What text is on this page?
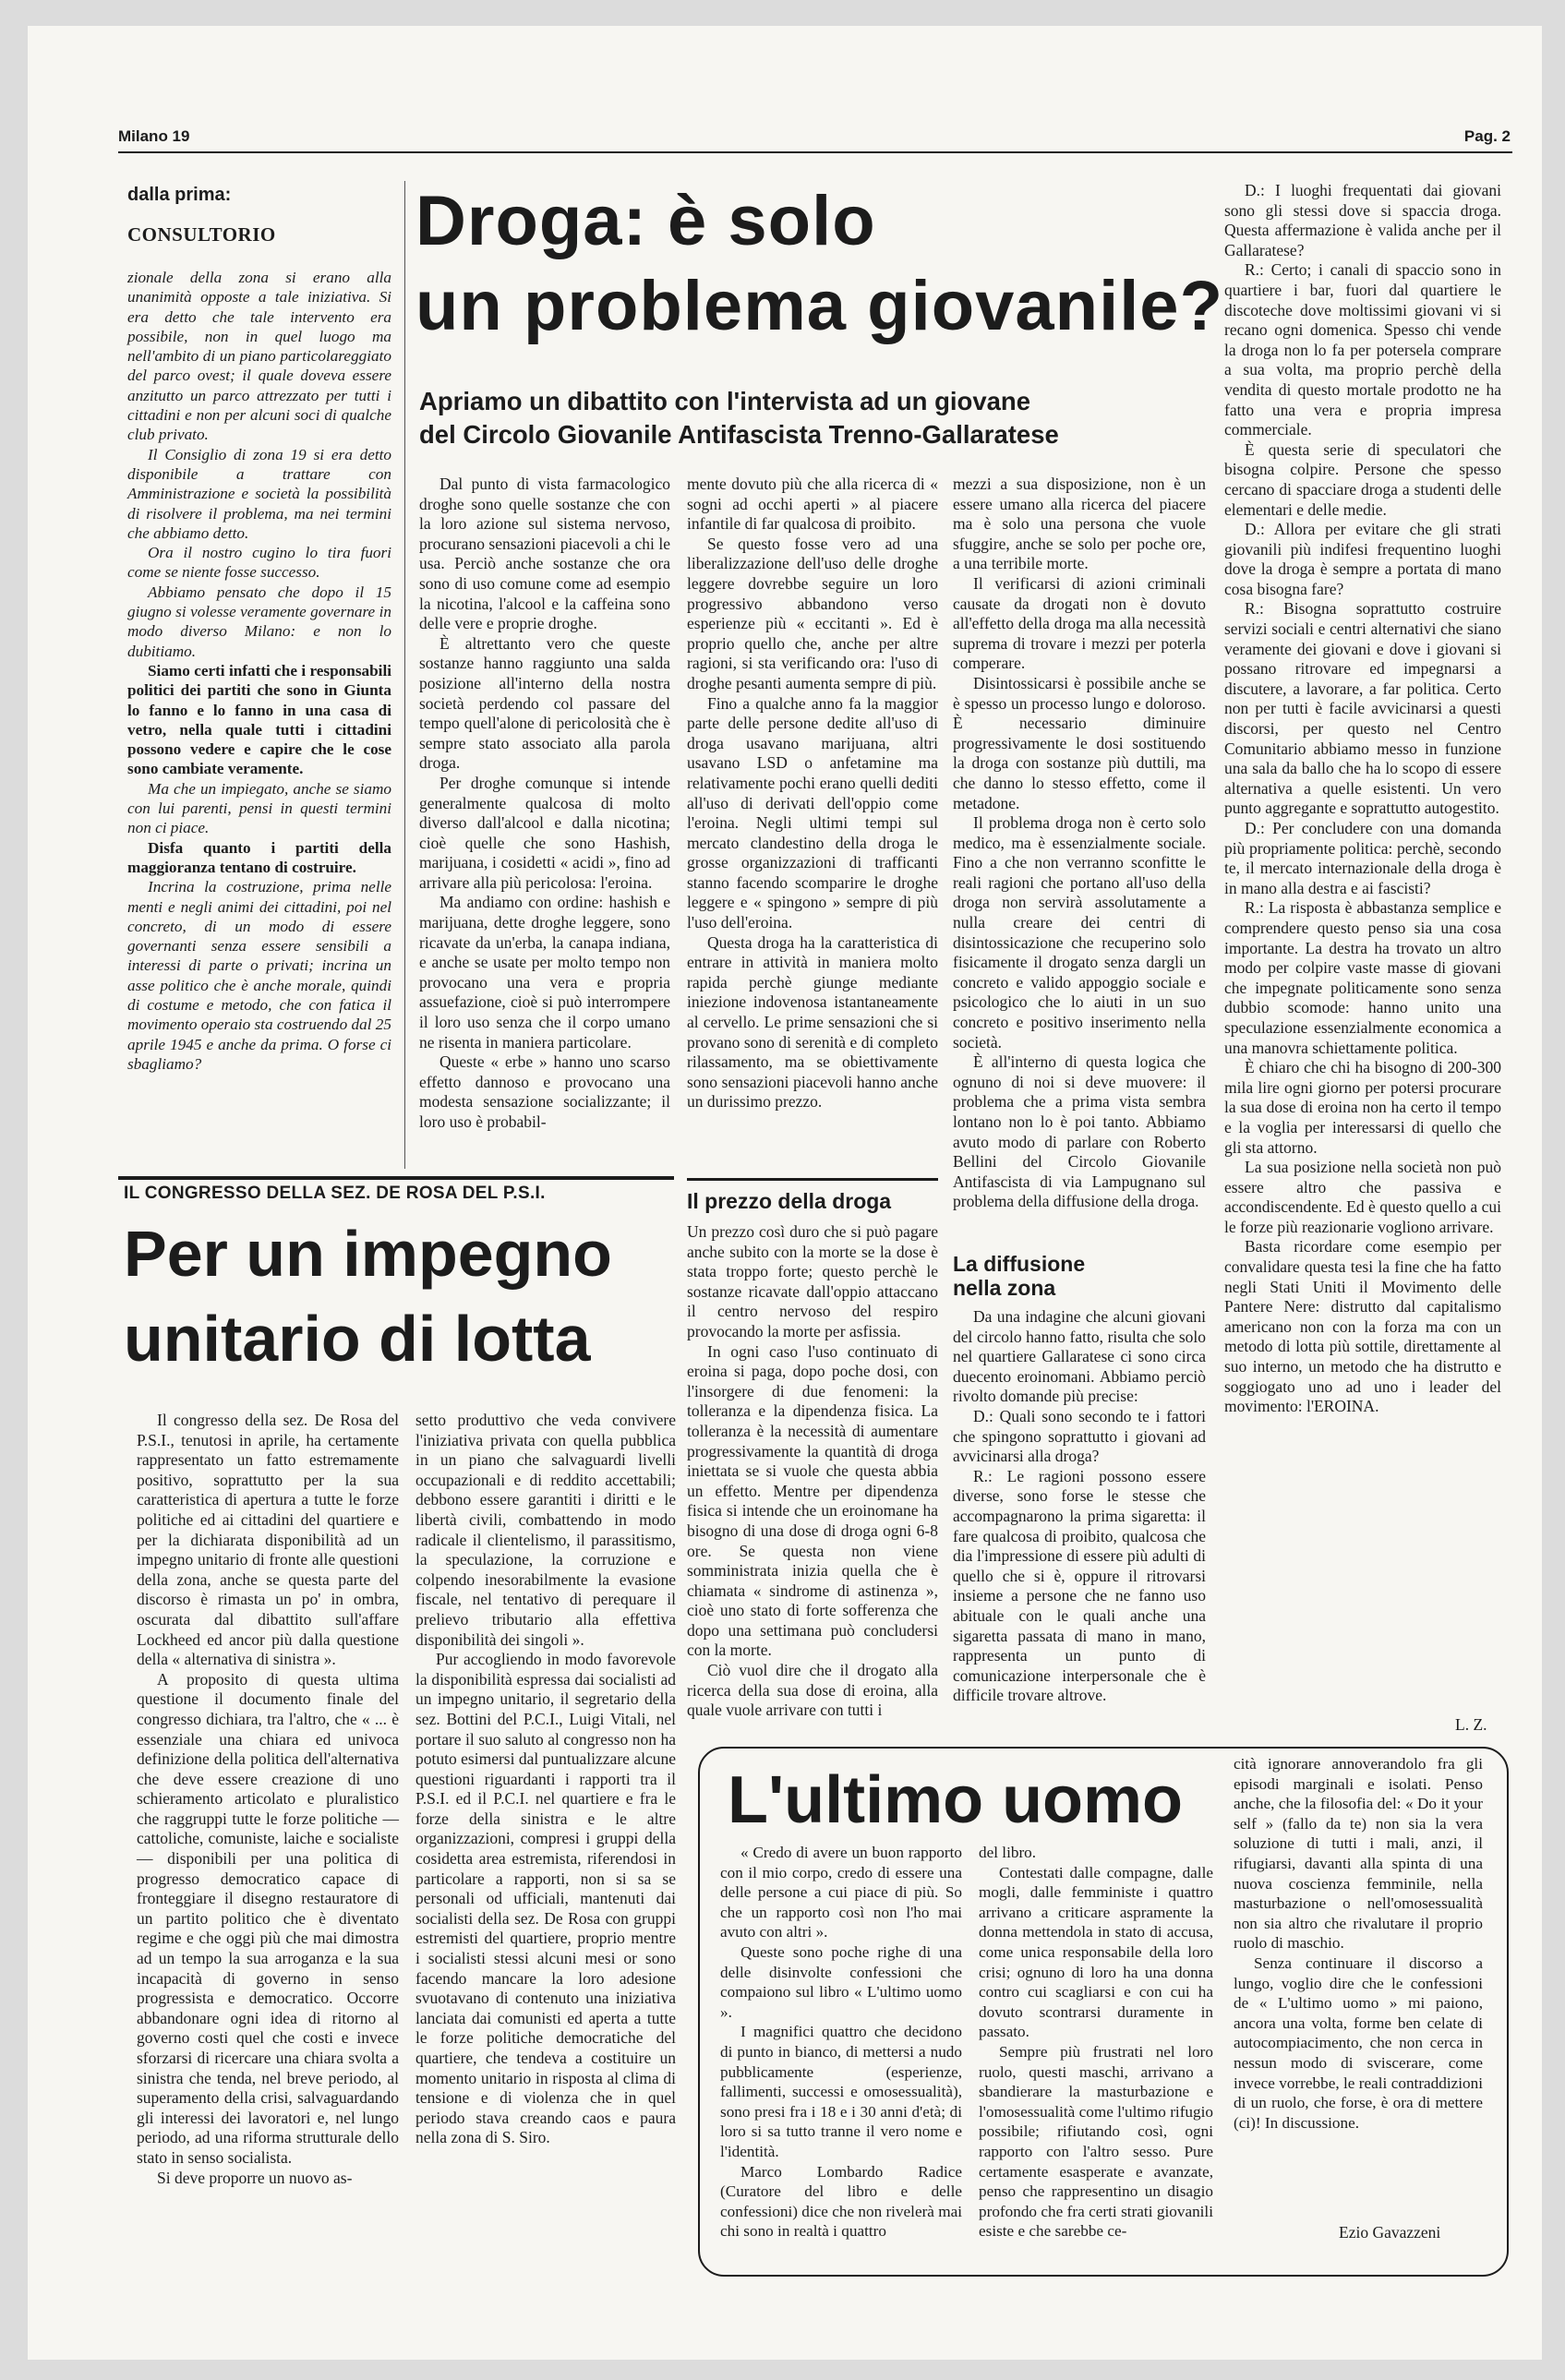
Milano 19	Pag. 2
dalla prima:
CONSULTORIO

zionale della zona si erano alla unanimità opposte a tale iniziativa. Si era detto che tale intervento era possibile, non in quel luogo ma nell'ambito di un piano particolareggiato del parco ovest; il quale doveva essere anzitutto un parco attrezzato per tutti i cittadini e non per alcuni soci di qualche club privato.

Il Consiglio di zona 19 si era detto disponibile a trattare con Amministrazione e società la possibilità di risolvere il problema, ma nei termini che abbiamo detto.

Ora il nostro cugino lo tira fuori come se niente fosse successo.

Abbiamo pensato che dopo il 15 giugno si volesse veramente governare in modo diverso Milano: e non lo dubitiamo.

Siamo certi infatti che i responsabili politici dei partiti che sono in Giunta lo fanno e lo fanno in una casa di vetro, nella quale tutti i cittadini possono vedere e capire che le cose sono cambiate veramente.

Ma che un impiegato, anche se siamo con lui parenti, pensi in questi termini non ci piace.

Disfa quanto i partiti della maggioranza tentano di costruire.

Incrina la costruzione, prima nelle menti e negli animi dei cittadini, poi nel concreto, di un modo di essere governanti senza essere sensibili a interessi di parte o privati; incrina un asse politico che è anche morale, quindi di costume e metodo, che con fatica il movimento operaio sta costruendo dal 25 aprile 1945 e anche da prima. O forse ci sbagliamo?

Droga: è solo
un problema giovanile?
Apriamo un dibattito con l'intervista ad un giovane
del Circolo Giovanile Antifascista Trenno-Gallaratese

Dal punto di vista farmacologico droghe sono quelle sostanze che con la loro azione sul sistema nervoso, procurano sensazioni piacevoli a chi le usa. Perciò anche sostanze che ora sono di uso comune come ad esempio la nicotina, l'alcool e la caffeina sono delle vere e proprie droghe.

È altrettanto vero che queste sostanze hanno raggiunto una salda posizione all'interno della nostra società perdendo col passare del tempo quell'alone di pericolosità che è sempre stato associato alla parola droga.

Per droghe comunque si intende generalmente qualcosa di molto diverso dall'alcool e dalla nicotina; cioè quelle che sono Hashish, marijuana, i cosidetti « acidi », fino ad arrivare alla più pericolosa: l'eroina.

Ma andiamo con ordine: hashish e marijuana, dette droghe leggere, sono ricavate da un'erba, la canapa indiana, e anche se usate per molto tempo non provocano una vera e propria assuefazione, cioè si può interrompere il loro uso senza che il corpo umano ne risenta in maniera particolare.

Queste « erbe » hanno uno scarso effetto dannoso e provocano una modesta sensazione socializzante; il loro uso è probabil-

mente dovuto più che alla ricerca di « sogni ad occhi aperti » al piacere infantile di far qualcosa di proibito.

Se questo fosse vero ad una liberalizzazione dell'uso delle droghe leggere dovrebbe seguire un loro progressivo abbandono verso esperienze più « eccitanti ». Ed è proprio quello che, anche per altre ragioni, si sta verificando ora: l'uso di droghe pesanti aumenta sempre di più.

Fino a qualche anno fa la maggior parte delle persone dedite all'uso di droga usavano marijuana, altri usavano LSD o anfetamine ma relativamente pochi erano quelli dediti all'uso di derivati dell'oppio come l'eroina. Negli ultimi tempi sul mercato clandestino della droga le grosse organizzazioni di trafficanti stanno facendo scomparire le droghe leggere e « spingono » sempre di più l'uso dell'eroina.

Questa droga ha la caratteristica di entrare in attività in maniera molto rapida perchè giunge mediante iniezione indovenosa istantaneamente al cervello. Le prime sensazioni che si provano sono di serenità e di completo rilassamento, ma se obiettivamente sono sensazioni piacevoli hanno anche un durissimo prezzo.

Il prezzo della droga

Un prezzo così duro che si può pagare anche subito con la morte se la dose è stata troppo forte; questo perchè le sostanze ricavate dall'oppio attaccano il centro nervoso del respiro provocando la morte per asfissia.

In ogni caso l'uso continuato di eroina si paga, dopo poche dosi, con l'insorgere di due fenomeni: la tolleranza e la dipendenza fisica. La tolleranza è la necessità di aumentare progressivamente la quantità di droga iniettata se si vuole che questa abbia un effetto. Mentre per dipendenza fisica si intende che un eroinomane ha bisogno di una dose di droga ogni 6-8 ore. Se questa non viene somministrata inizia quella che è chiamata « sindrome di astinenza », cioè uno stato di forte sofferenza che dopo una settimana può concludersi con la morte.

Ciò vuol dire che il drogato alla ricerca della sua dose di eroina, alla quale vuole arrivare con tutti i

mezzi a sua disposizione, non è un essere umano alla ricerca del piacere ma è solo una persona che vuole sfuggire, anche se solo per poche ore, a una terribile morte.

Il verificarsi di azioni criminali causate da drogati non è dovuto all'effetto della droga ma alla necessità suprema di trovare i mezzi per poterla comperare.

Disintossicarsi è possibile anche se è spesso un processo lungo e doloroso. È necessario diminuire progressivamente le dosi sostituendo la droga con sostanze più duttili, ma che danno lo stesso effetto, come il metadone.

Il problema droga non è certo solo medico, ma è essenzialmente sociale. Fino a che non verranno sconfitte le reali ragioni che portano all'uso della droga non servirà assolutamente a nulla creare dei centri di disintossicazione che recuperino solo fisicamente il drogato senza dargli un concreto e valido appoggio sociale e psicologico che lo aiuti in un suo concreto e positivo inserimento nella società.

È all'interno di questa logica che ognuno di noi si deve muovere: il problema che a prima vista sembra lontano non lo è poi tanto. Abbiamo avuto modo di parlare con Roberto Bellini del Circolo Giovanile Antifascista di via Lampugnano sul problema della diffusione della droga.

La diffusione
nella zona

Da una indagine che alcuni giovani del circolo hanno fatto, risulta che solo nel quartiere Gallaratese ci sono circa duecento eroinomani. Abbiamo perciò rivolto domande più precise:

D.: Quali sono secondo te i fattori che spingono soprattutto i giovani ad avvicinarsi alla droga?

R.: Le ragioni possono essere diverse, sono forse le stesse che accompagnarono la prima sigaretta: il fare qualcosa di proibito, qualcosa che dia l'impressione di essere più adulti di quello che si è, oppure il ritrovarsi insieme a persone che ne fanno uso abituale con le quali anche una sigaretta passata di mano in mano, rappresenta un punto di comunicazione interpersonale che è difficile trovare altrove.

D.: I luoghi frequentati dai giovani sono gli stessi dove si spaccia droga. Questa affermazione è valida anche per il Gallaratese?

R.: Certo; i canali di spaccio sono in quartiere i bar, fuori dal quartiere le discoteche dove moltissimi giovani vi si recano ogni domenica. Spesso chi vende la droga non lo fa per potersela comprare a sua volta, ma proprio perchè della vendita di questo mortale prodotto ne ha fatto una vera e propria impresa commerciale.

È questa serie di speculatori che bisogna colpire. Persone che spesso cercano di spacciare droga a studenti delle elementari e delle medie.

D.: Allora per evitare che gli strati giovanili più indifesi frequentino luoghi dove la droga è sempre a portata di mano cosa bisogna fare?

R.: Bisogna soprattutto costruire servizi sociali e centri alternativi che siano veramente dei giovani e dove i giovani si possano ritrovare ed impegnarsi a discutere, a lavorare, a far politica. Certo non per tutti è facile avvicinarsi a questi discorsi, per questo nel Centro Comunitario abbiamo messo in funzione una sala da ballo che ha lo scopo di essere alternativa a quelle esistenti. Un vero punto aggregante e soprattutto autogestito.

D.: Per concludere con una domanda più propriamente politica: perchè, secondo te, il mercato internazionale della droga è in mano alla destra e ai fascisti?

R.: La risposta è abbastanza semplice e comprendere questo penso sia una cosa importante. La destra ha trovato un altro modo per colpire vaste masse di giovani che impegnate politicamente sono senza dubbio scomode: hanno unito una speculazione essenzialmente economica a una manovra schiettamente politica.

È chiaro che chi ha bisogno di 200-300 mila lire ogni giorno per potersi procurare la sua dose di eroina non ha certo il tempo e la voglia per interessarsi di quello che gli sta attorno.

La sua posizione nella società non può essere altro che passiva e accondiscendente. Ed è questo quello a cui le forze più reazionarie vogliono arrivare.

Basta ricordare come esempio per convalidare questa tesi la fine che ha fatto negli Stati Uniti il Movimento delle Pantere Nere: distrutto dal capitalismo americano non con la forza ma con un metodo di lotta più sottile, direttamente al suo interno, un metodo che ha distrutto e soggiogato uno ad uno i leader del movimento: l'EROINA.

L. Z.
IL CONGRESSO DELLA SEZ. DE ROSA DEL P.S.I.
Per un impegno
unitario di lotta

Il congresso della sez. De Rosa del P.S.I., tenutosi in aprile, ha certamente rappresentato un fatto estremamente positivo, soprattutto per la sua caratteristica di apertura a tutte le forze politiche ed ai cittadini del quartiere e per la dichiarata disponibilità ad un impegno unitario di fronte alle questioni della zona, anche se questa parte del discorso è rimasta un po' in ombra, oscurata dal dibattito sull'affare Lockheed ed ancor più dalla questione della « alternativa di sinistra ».

A proposito di questa ultima questione il documento finale del congresso dichiara, tra l'altro, che « ... è essenziale una chiara ed univoca definizione della politica dell'alternativa che deve essere creazione di uno schieramento articolato e pluralistico che raggruppi tutte le forze politiche — cattoliche, comuniste, laiche e socialiste — disponibili per una politica di progresso democratico capace di fronteggiare il disegno restauratore di un partito politico che è diventato regime e che oggi più che mai dimostra ad un tempo la sua arroganza e la sua incapacità di governo in senso progressista e democratico. Occorre abbandonare ogni idea di ritorno al governo costi quel che costi e invece sforzarsi di ricercare una chiara svolta a sinistra che tenda, nel breve periodo, al superamento della crisi, salvaguardando gli interessi dei lavoratori e, nel lungo periodo, ad una riforma strutturale dello stato in senso socialista.

Si deve proporre un nuovo as-

setto produttivo che veda convivere l'iniziativa privata con quella pubblica in un piano che salvaguardi livelli occupazionali e di reddito accettabili; debbono essere garantiti i diritti e le libertà civili, combattendo in modo radicale il clientelismo, il parassitismo, la speculazione, la corruzione e colpendo inesorabilmente la evasione fiscale, nel tentativo di perequare il prelievo tributario alla effettiva disponibilità dei singoli ».

Pur accogliendo in modo favorevole la disponibilità espressa dai socialisti ad un impegno unitario, il segretario della sez. Bottini del P.C.I., Luigi Vitali, nel portare il suo saluto al congresso non ha potuto esimersi dal puntualizzare alcune questioni riguardanti i rapporti tra il P.S.I. ed il P.C.I. nel quartiere e fra le forze della sinistra e le altre organizzazioni, compresi i gruppi della cosidetta area estremista, riferendosi in particolare a rapporti, non si sa se personali od ufficiali, mantenuti dai socialisti della sez. De Rosa con gruppi estremisti del quartiere, proprio mentre i socialisti stessi alcuni mesi or sono facendo mancare la loro adesione svuotavano di contenuto una iniziativa lanciata dai comunisti ed aperta a tutte le forze politiche democratiche del quartiere, che tendeva a costituire un momento unitario in risposta al clima di tensione e di violenza che in quel periodo stava creando caos e paura nella zona di S. Siro.

L'ultimo uomo

« Credo di avere un buon rapporto con il mio corpo, credo di essere una delle persone a cui piace di più. So che un rapporto così non l'ho mai avuto con altri ».

Queste sono poche righe di una delle disinvolte confessioni che compaiono sul libro « L'ultimo uomo ».

I magnifici quattro che decidono di punto in bianco, di mettersi a nudo pubblicamente (esperienze, fallimenti, successi e omosessualità), sono presi fra i 18 e i 30 anni d'età; di loro si sa tutto tranne il vero nome e l'identità.

Marco Lombardo Radice (Curatore del libro e delle confessioni) dice che non rivelerà mai chi sono in realtà i quattro

del libro.

Contestati dalle compagne, dalle mogli, dalle femministe i quattro arrivano a criticare aspramente la donna mettendola in stato di accusa, come unica responsabile della loro crisi; ognuno di loro ha una donna contro cui scagliarsi e con cui ha dovuto scontrarsi duramente in passato.

Sempre più frustrati nel loro ruolo, questi maschi, arrivano a sbandierare la masturbazione e l'omosessualità come l'ultimo rifugio possibile; rifiutando così, ogni rapporto con l'altro sesso. Pure certamente esasperate e avanzate, penso che rappresentino un disagio profondo che fra certi strati giovanili esiste e che sarebbe ce-

cità ignorare annoverandolo fra gli episodi marginali e isolati. Penso anche, che la filosofia del: « Do it your self » (fallo da te) non sia la vera soluzione di tutti i mali, anzi, il rifugiarsi, davanti alla spinta di una nuova coscienza femminile, nella masturbazione o nell'omosessualità non sia altro che rivalutare il proprio ruolo di maschio.

Senza continuare il discorso a lungo, voglio dire che le confessioni de « L'ultimo uomo » mi paiono, ancora una volta, forme ben celate di autocompiacimento, che non cerca in nessun modo di sviscerare, come invece vorrebbe, le reali contraddizioni di un ruolo, che forse, è ora di mettere (ci)! In discussione.

Ezio Gavazzeni
